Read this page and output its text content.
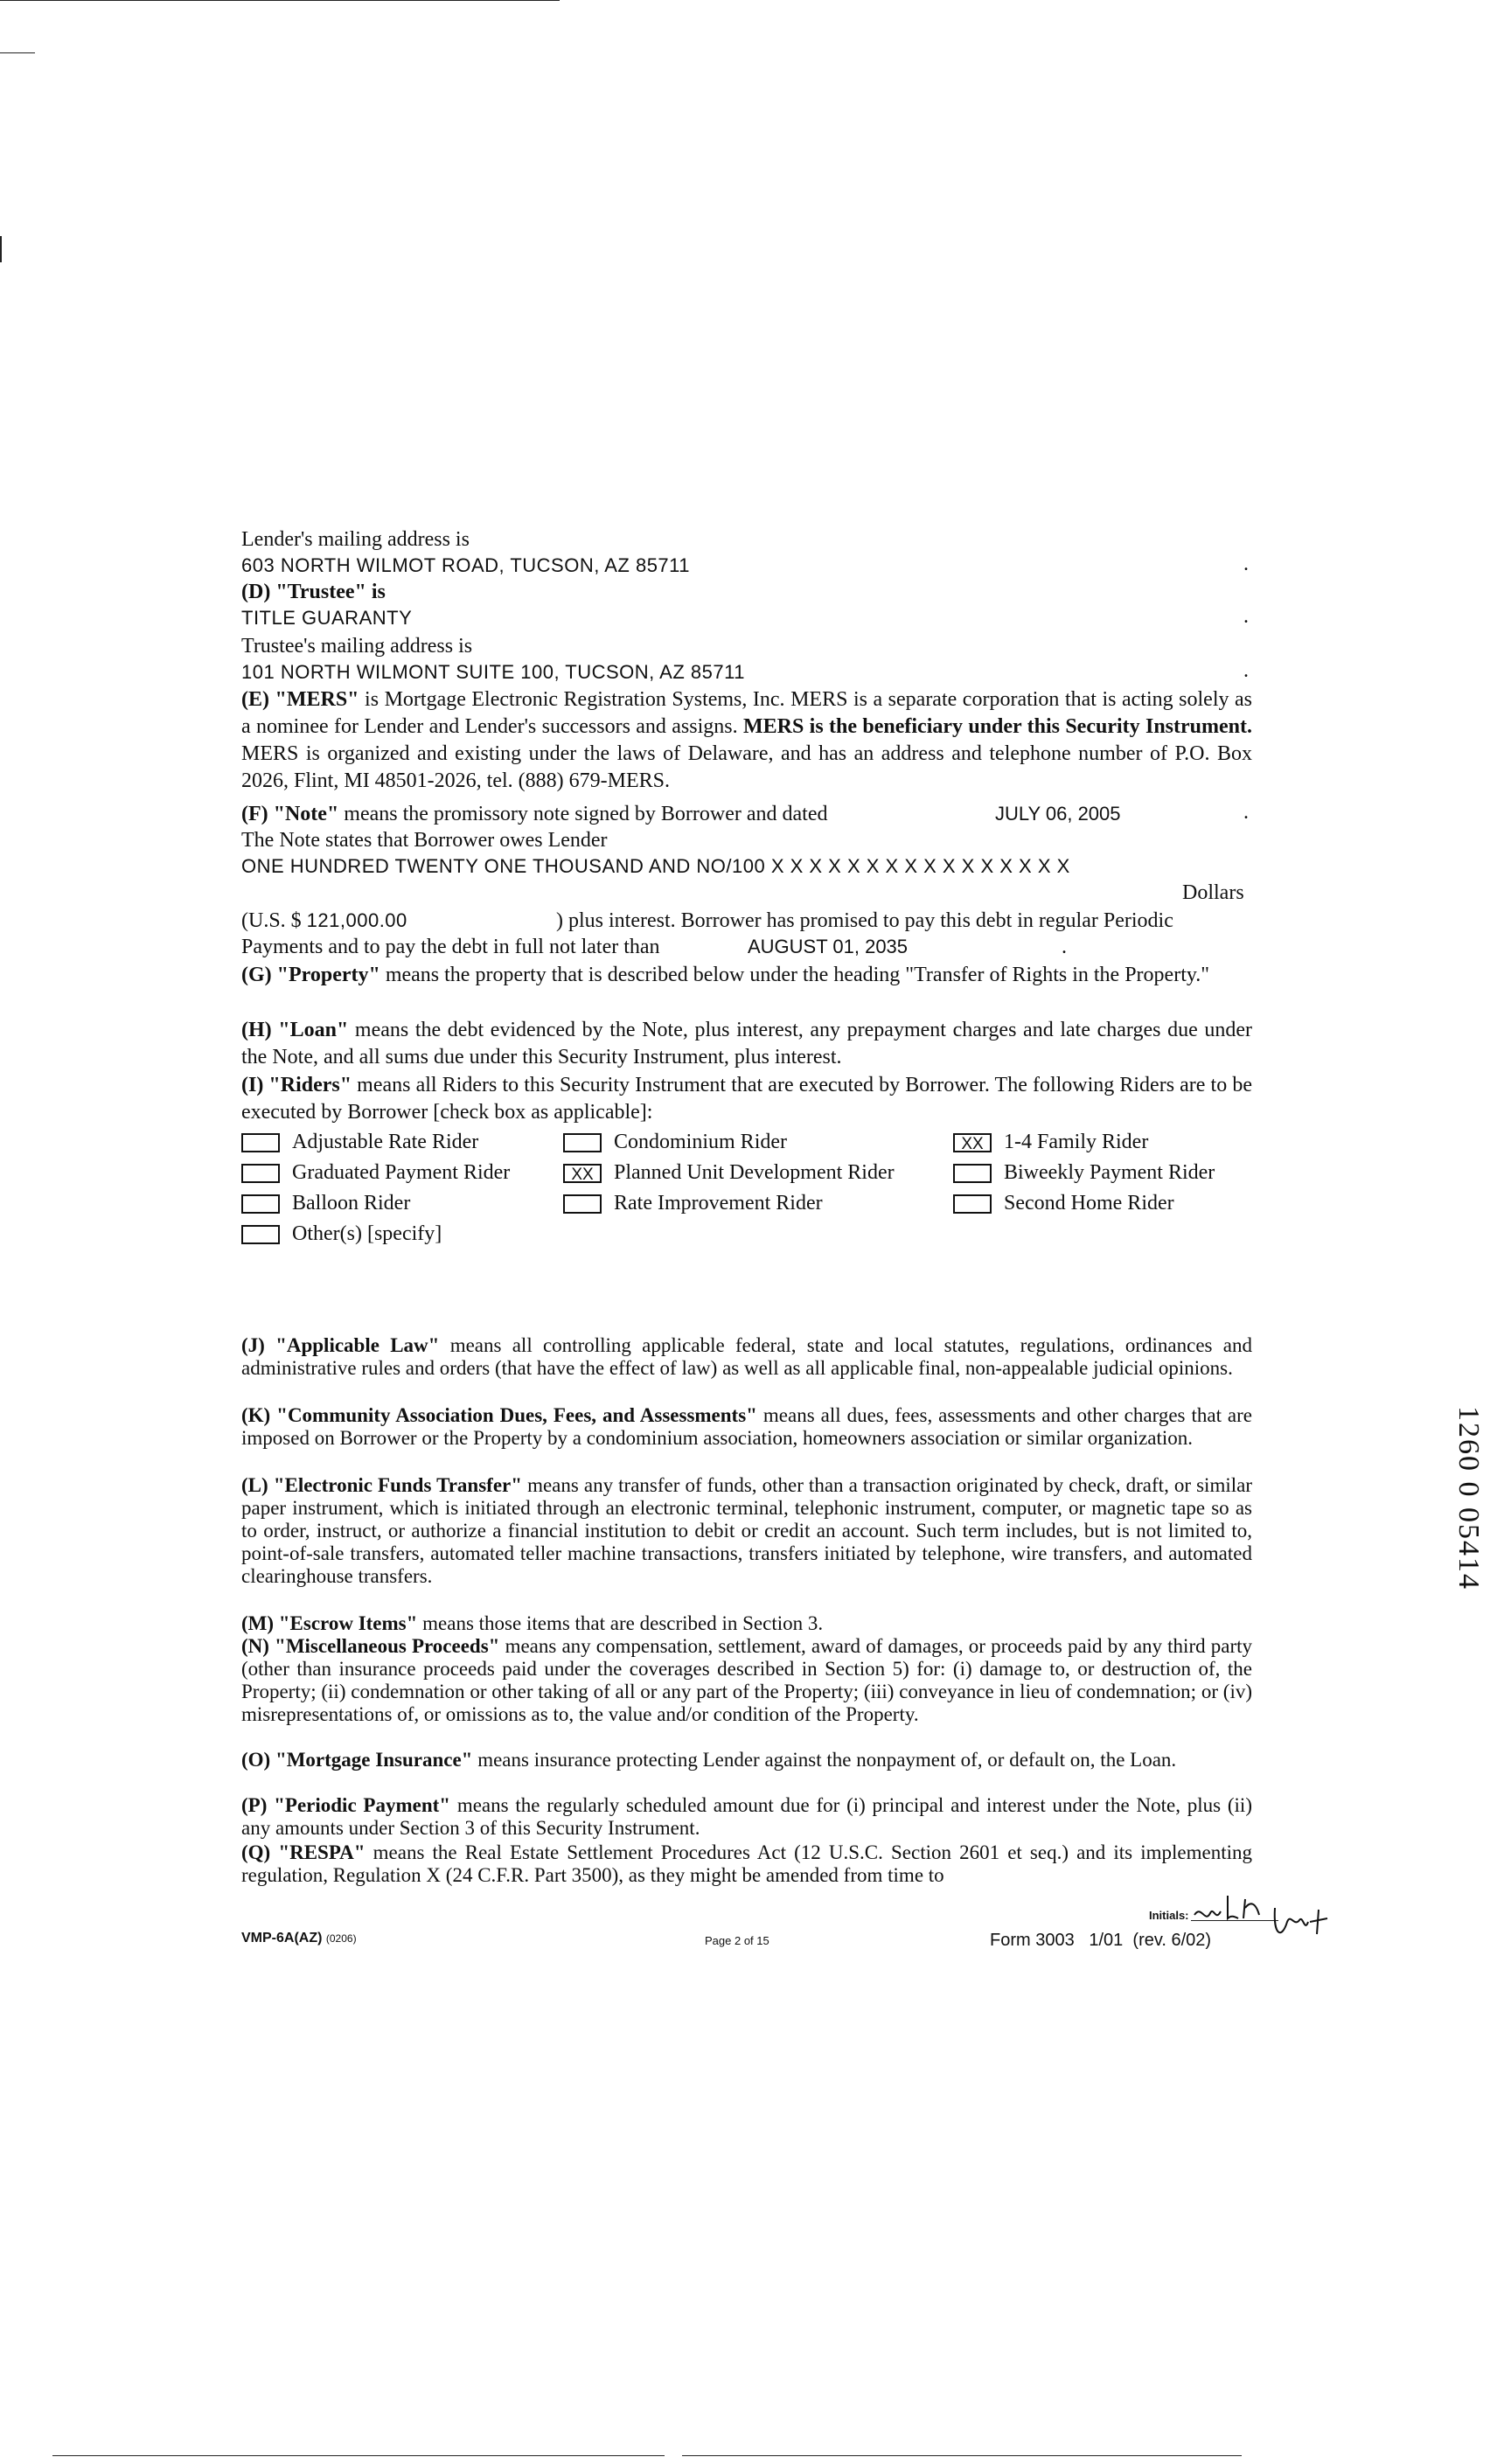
Lender's mailing address is
603 NORTH WILMOT ROAD, TUCSON, AZ 85711	.
(D) "Trustee" is
TITLE GUARANTY	.
Trustee's mailing address is
101 NORTH WILMONT SUITE 100, TUCSON, AZ 85711	.
(E) "MERS" is Mortgage Electronic Registration Systems, Inc. MERS is a separate corporation that is acting solely as a nominee for Lender and Lender's successors and assigns. MERS is the beneficiary under this Security Instrument. MERS is organized and existing under the laws of Delaware, and has an address and telephone number of P.O. Box 2026, Flint, MI 48501-2026, tel. (888) 679-MERS.
(F) "Note" means the promissory note signed by Borrower and dated	JULY 06, 2005	.
The Note states that Borrower owes Lender
ONE HUNDRED TWENTY ONE THOUSAND AND NO/100 X X X X X X X X X X X X X X X X
Dollars
(U.S. $ 121,000.00	) plus interest. Borrower has promised to pay this debt in regular Periodic
Payments and to pay the debt in full not later than	AUGUST 01, 2035	.
(G) "Property" means the property that is described below under the heading "Transfer of Rights in the Property."
(H) "Loan" means the debt evidenced by the Note, plus interest, any prepayment charges and late charges due under the Note, and all sums due under this Security Instrument, plus interest.
(I) "Riders" means all Riders to this Security Instrument that are executed by Borrower. The following Riders are to be executed by Borrower [check box as applicable]:
Adjustable Rate Rider	Condominium Rider	XX 1-4 Family Rider
Graduated Payment Rider	XX Planned Unit Development Rider	Biweekly Payment Rider
Balloon Rider	Rate Improvement Rider	Second Home Rider
Other(s) [specify]
(J) "Applicable Law" means all controlling applicable federal, state and local statutes, regulations, ordinances and administrative rules and orders (that have the effect of law) as well as all applicable final, non-appealable judicial opinions.
(K) "Community Association Dues, Fees, and Assessments" means all dues, fees, assessments and other charges that are imposed on Borrower or the Property by a condominium association, homeowners association or similar organization.
(L) "Electronic Funds Transfer" means any transfer of funds, other than a transaction originated by check, draft, or similar paper instrument, which is initiated through an electronic terminal, telephonic instrument, computer, or magnetic tape so as to order, instruct, or authorize a financial institution to debit or credit an account. Such term includes, but is not limited to, point-of-sale transfers, automated teller machine transactions, transfers initiated by telephone, wire transfers, and automated clearinghouse transfers.
(M) "Escrow Items" means those items that are described in Section 3.
(N) "Miscellaneous Proceeds" means any compensation, settlement, award of damages, or proceeds paid by any third party (other than insurance proceeds paid under the coverages described in Section 5) for: (i) damage to, or destruction of, the Property; (ii) condemnation or other taking of all or any part of the Property; (iii) conveyance in lieu of condemnation; or (iv) misrepresentations of, or omissions as to, the value and/or condition of the Property.
(O) "Mortgage Insurance" means insurance protecting Lender against the nonpayment of, or default on, the Loan.
(P) "Periodic Payment" means the regularly scheduled amount due for (i) principal and interest under the Note, plus (ii) any amounts under Section 3 of this Security Instrument.
(Q) "RESPA" means the Real Estate Settlement Procedures Act (12 U.S.C. Section 2601 et seq.) and its implementing regulation, Regulation X (24 C.F.R. Part 3500), as they might be amended from time to
1260 0 05414
Initials:
VMP-6A(AZ) (0206)	Page 2 of 15	Form 3003   1/01  (rev. 6/02)
